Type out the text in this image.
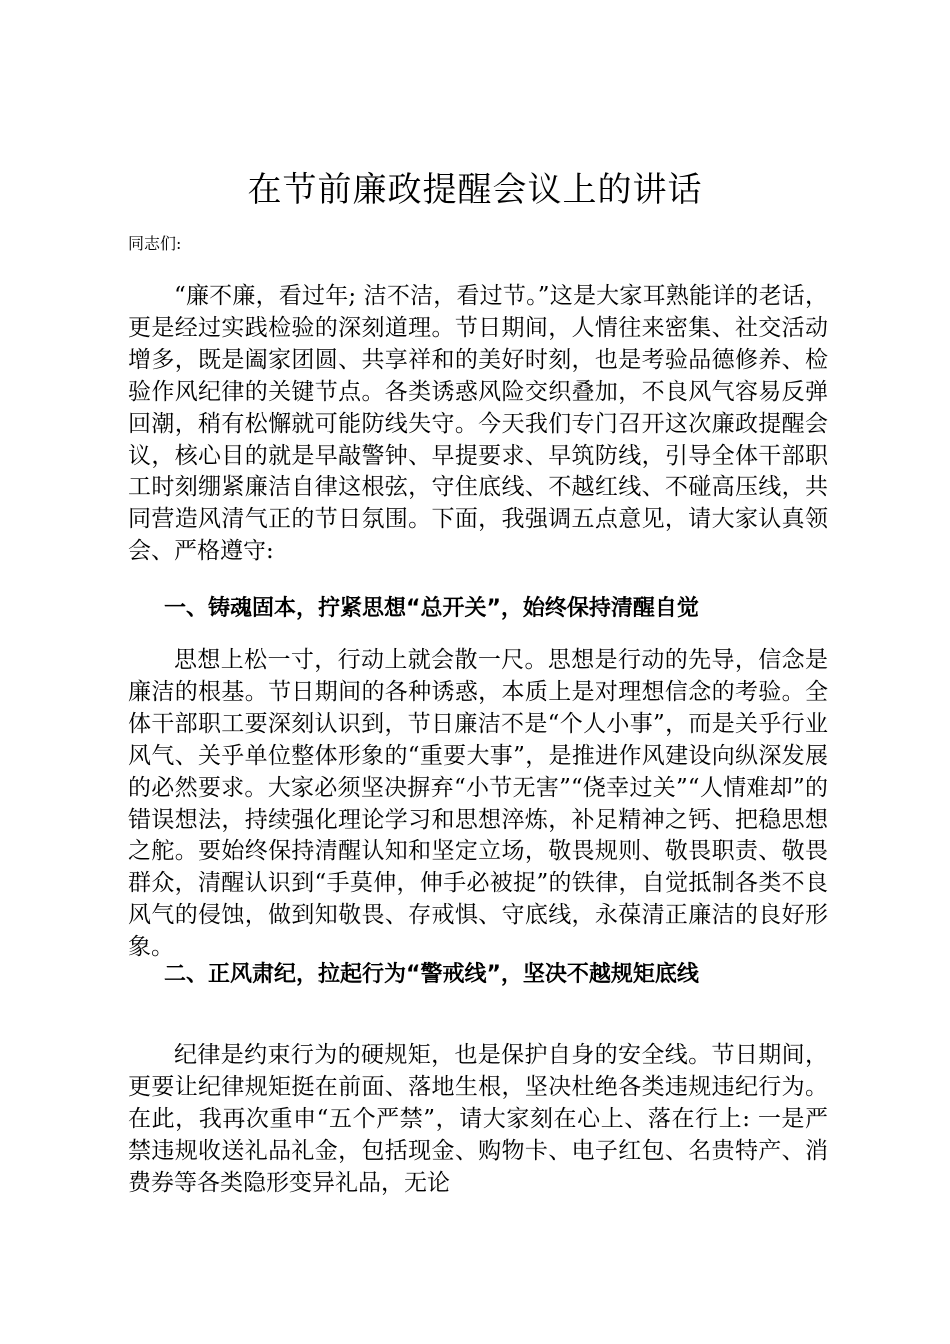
在节前廉政提醒会议上的讲话
同志们:

“廉不廉，看过年; 洁不洁，看过节。”这是大家耳熟能详的老话，更是经过实践检验的深刻道理。节日期间，人情往来密集、社交活动增多，既是阖家团圆、共享祥和的美好时刻，也是考验品德修养、检验作风纪律的关键节点。各类诱惑风险交织叠加，不良风气容易反弹回潮，稍有松懈就可能防线失守。今天我们专门召开这次廉政提醒会议，核心目的就是早敲警钟、早提要求、早筑防线，引导全体干部职工时刻绷紧廉洁自律这根弦，守住底线、不越红线、不碰高压线，共同营造风清气正的节日氛围。下面，我强调五点意见，请大家认真领会、严格遵守:

一、铸魂固本，拧紧思想“总开关”，始终保持清醒自觉

思想上松一寸，行动上就会散一尺。思想是行动的先导，信念是廉洁的根基。节日期间的各种诱惑，本质上是对理想信念的考验。全体干部职工要深刻认识到，节日廉洁不是“个人小事”，而是关乎行业风气、关乎单位整体形象的“重要大事”，是推进作风建设向纵深发展的必然要求。大家必须坚决摒弃“小节无害”“侥幸过关”“人情难却”的错误想法，持续强化理论学习和思想淬炼，补足精神之钙、把稳思想之舵。要始终保持清醒认知和坚定立场，敬畏规则、敬畏职责、敬畏群众，清醒认识到“手莫伸，伸手必被捉”的铁律，自觉抵制各类不良风气的侵蚀，做到知敬畏、存戒惧、守底线，永葆清正廉洁的良好形象。

二、正风肃纪，拉起行为“警戒线”，坚决不越规矩底线

纪律是约束行为的硬规矩，也是保护自身的安全线。节日期间，更要让纪律规矩挺在前面、落地生根，坚决杜绝各类违规违纪行为。在此，我再次重申“五个严禁”，请大家刻在心上、落在行上: 一是严禁违规收送礼品礼金，包括现金、购物卡、电子红包、名贵特产、消费券等各类隐形变异礼品，无论
